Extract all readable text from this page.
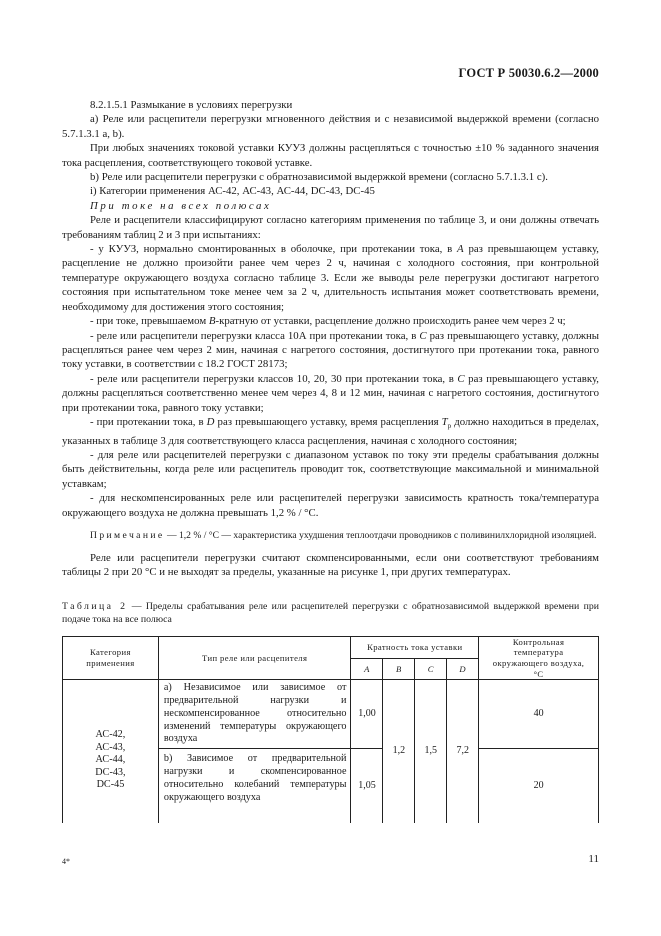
ГОСТ Р 50030.6.2—2000

8.2.1.5.1 Размыкание в условиях перегрузки

а) Реле или расцепители перегрузки мгновенного действия и с независимой выдержкой времени (согласно 5.7.1.3.1 а, b).

При любых значениях токовой уставки КУУЗ должны расцепляться с точностью ±10 % заданного значения тока расцепления, соответствующего токовой уставке.

b) Реле или расцепители перегрузки с обратнозависимой выдержкой времени (согласно 5.7.1.3.1 с).

i) Категории применения АС-42, АС-43, АС-44, DC-43, DC-45

При токе на всех полюсах

Реле и расцепители классифицируют согласно категориям применения по таблице 3, и они должны отвечать требованиям таблиц 2 и 3 при испытаниях:

- у КУУЗ, нормально смонтированных в оболочке, при протекании тока, в A раз превышающем уставку, расцепление не должно произойти ранее чем через 2 ч, начиная с холодного состояния, при контрольной температуре окружающего воздуха согласно таблице 3. Если же выводы реле перегрузки достигают нагретого состояния при испытательном токе менее чем за 2 ч, длительность испытания может соответствовать времени, необходимому для достижения этого состояния;

- при токе, превышаемом B-кратную от уставки, расцепление должно происходить ранее чем через 2 ч;

- реле или расцепители перегрузки класса 10А при протекании тока, в C раз превышающего уставку, должны расцепляться ранее чем через 2 мин, начиная с нагретого состояния, достигнутого при протекании тока, равного току уставки, в соответствии с 18.2 ГОСТ 28173;

- реле или расцепители перегрузки классов 10, 20, 30 при протекании тока, в C раз превышающего уставку, должны расцепляться соответственно менее чем через 4, 8 и 12 мин, начиная с нагретого состояния, достигнутого при протекании тока, равного току уставки;

- при протекании тока, в D раз превышающего уставку, время расцепления $T_р$ должно находиться в пределах, указанных в таблице 3 для соответствующего класса расцепления, начиная с холодного состояния;

- для реле или расцепителей перегрузки с диапазоном уставок по току эти пределы срабатывания должны быть действительны, когда реле или расцепитель проводит ток, соответствующие максимальной и минимальной уставкам;

- для нескомпенсированных реле или расцепителей перегрузки зависимость кратность тока/температура окружающего воздуха не должна превышать 1,2 % / °С.

Примечание — 1,2 % / °С — характеристика ухудшения теплоотдачи проводников с поливинилхлоридной изоляцией.

Реле или расцепители перегрузки считают скомпенсированными, если они соответствуют требованиям таблицы 2 при 20 °С и не выходят за пределы, указанные на рисунке 1, при других температурах.

Таблица 2 — Пределы срабатывания реле или расцепителей перегрузки с обратнозависимой выдержкой времени при подаче тока на все полюса

Категория применения	Тип реле или расцепителя	Кратность тока уставки				Контрольная температура окружающего воздуха, °С
		A	B	C	D	
АС-42,
АС-43,
АС-44,
DC-43,
DC-45	а) Независимое или зависимое от предварительной нагрузки и нескомпенсированное относительно изменений температуры окружающего воздуха	1,00	1,2	1,5	7,2	40
	b) Зависимое от предварительной нагрузки и скомпенсированное относительно колебаний температуры окружающего воздуха	1,05				20
4*	11
